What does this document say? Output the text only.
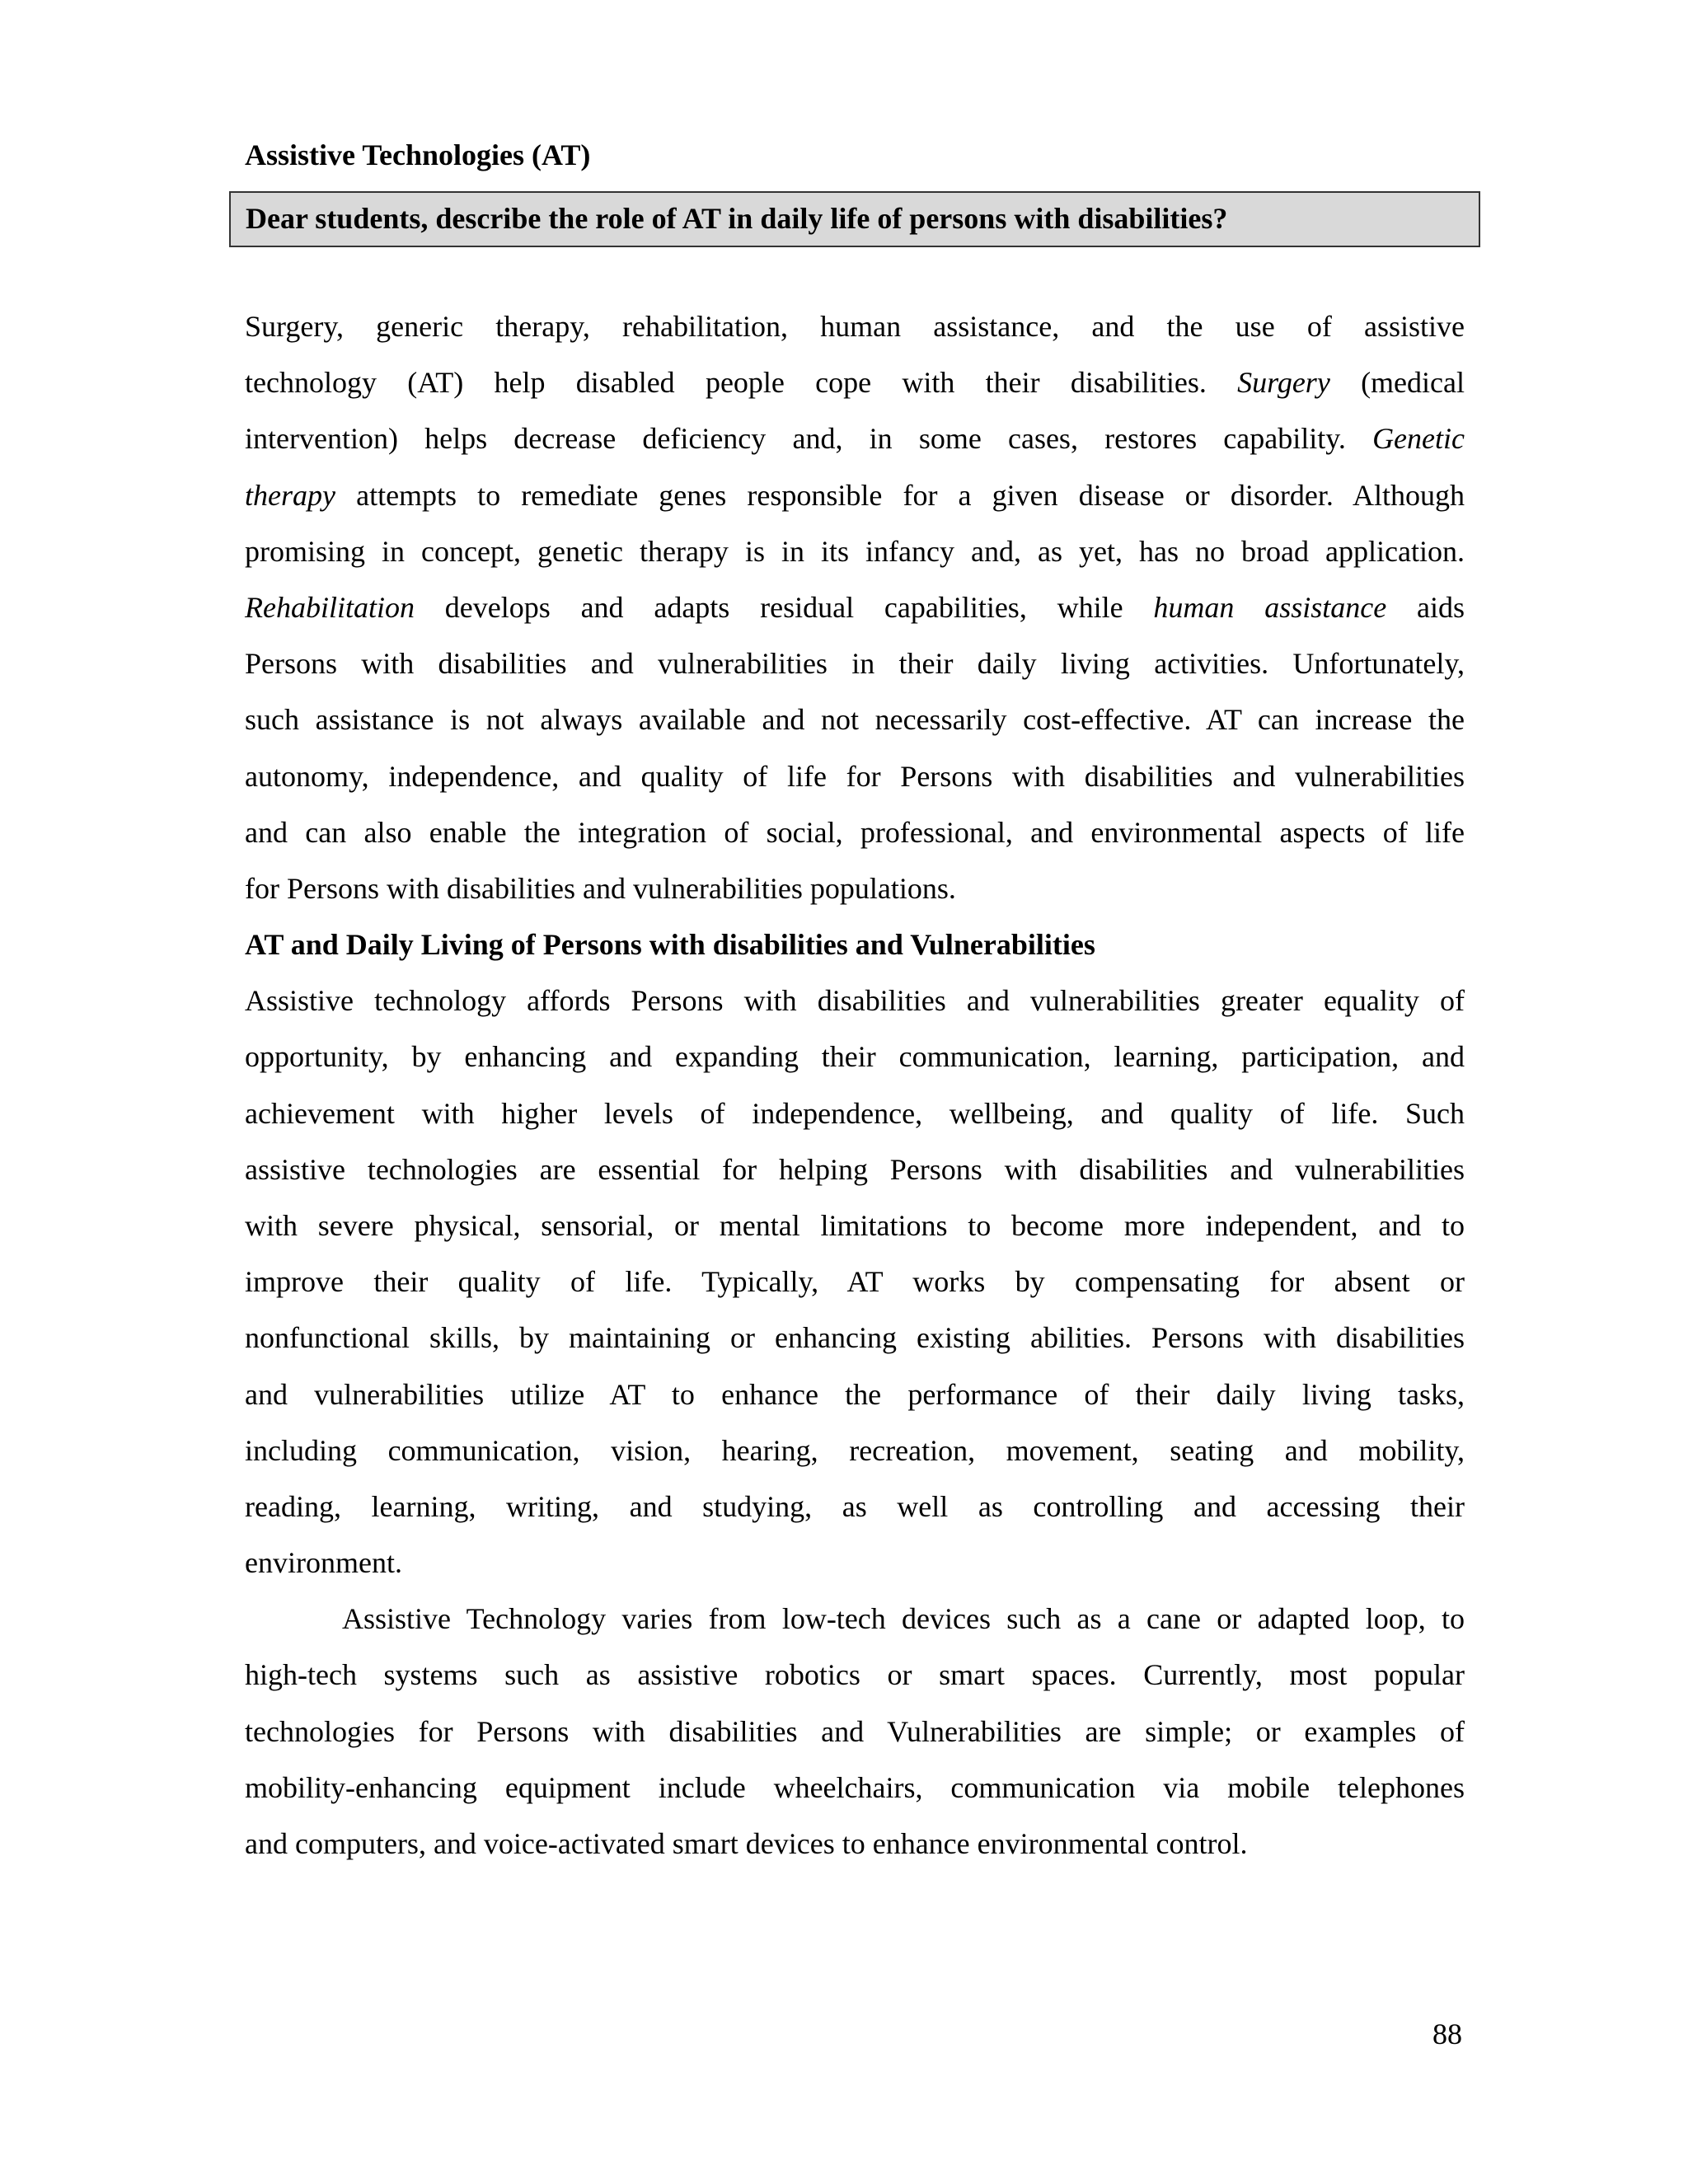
Assistive Technologies (AT)
Dear students, describe the role of AT in daily life of persons with disabilities?
Surgery, generic therapy, rehabilitation, human assistance, and the use of assistive
technology (AT) help disabled people cope with their disabilities. Surgery (medical
intervention) helps decrease deficiency and, in some cases, restores capability. Genetic
therapy attempts to remediate genes responsible for a given disease or disorder. Although
promising in concept, genetic therapy is in its infancy and, as yet, has no broad application.
Rehabilitation develops and adapts residual capabilities, while human assistance aids
Persons with disabilities and vulnerabilities in their daily living activities. Unfortunately,
such assistance is not always available and not necessarily cost-effective. AT can increase the
autonomy, independence, and quality of life for Persons with disabilities and vulnerabilities
and can also enable the integration of social, professional, and environmental aspects of life
for Persons with disabilities and vulnerabilities populations.
AT and Daily Living of Persons with disabilities and Vulnerabilities
Assistive technology affords Persons with disabilities and vulnerabilities greater equality of
opportunity, by enhancing and expanding their communication, learning, participation, and
achievement with higher levels of independence, wellbeing, and quality of life. Such
assistive technologies are essential for helping Persons with disabilities and vulnerabilities
with severe physical, sensorial, or mental limitations to become more independent, and to
improve their quality of life. Typically, AT works by compensating for absent or
nonfunctional skills, by maintaining or enhancing existing abilities. Persons with disabilities
and vulnerabilities utilize AT to enhance the performance of their daily living tasks,
including communication, vision, hearing, recreation, movement, seating and mobility,
reading, learning, writing, and studying, as well as controlling and accessing their
environment.
Assistive Technology varies from low-tech devices such as a cane or adapted loop, to
high-tech systems such as assistive robotics or smart spaces. Currently, most popular
technologies for Persons with disabilities and Vulnerabilities are simple; or examples of
mobility-enhancing equipment include wheelchairs, communication via mobile telephones
and computers, and voice-activated smart devices to enhance environmental control.
88
